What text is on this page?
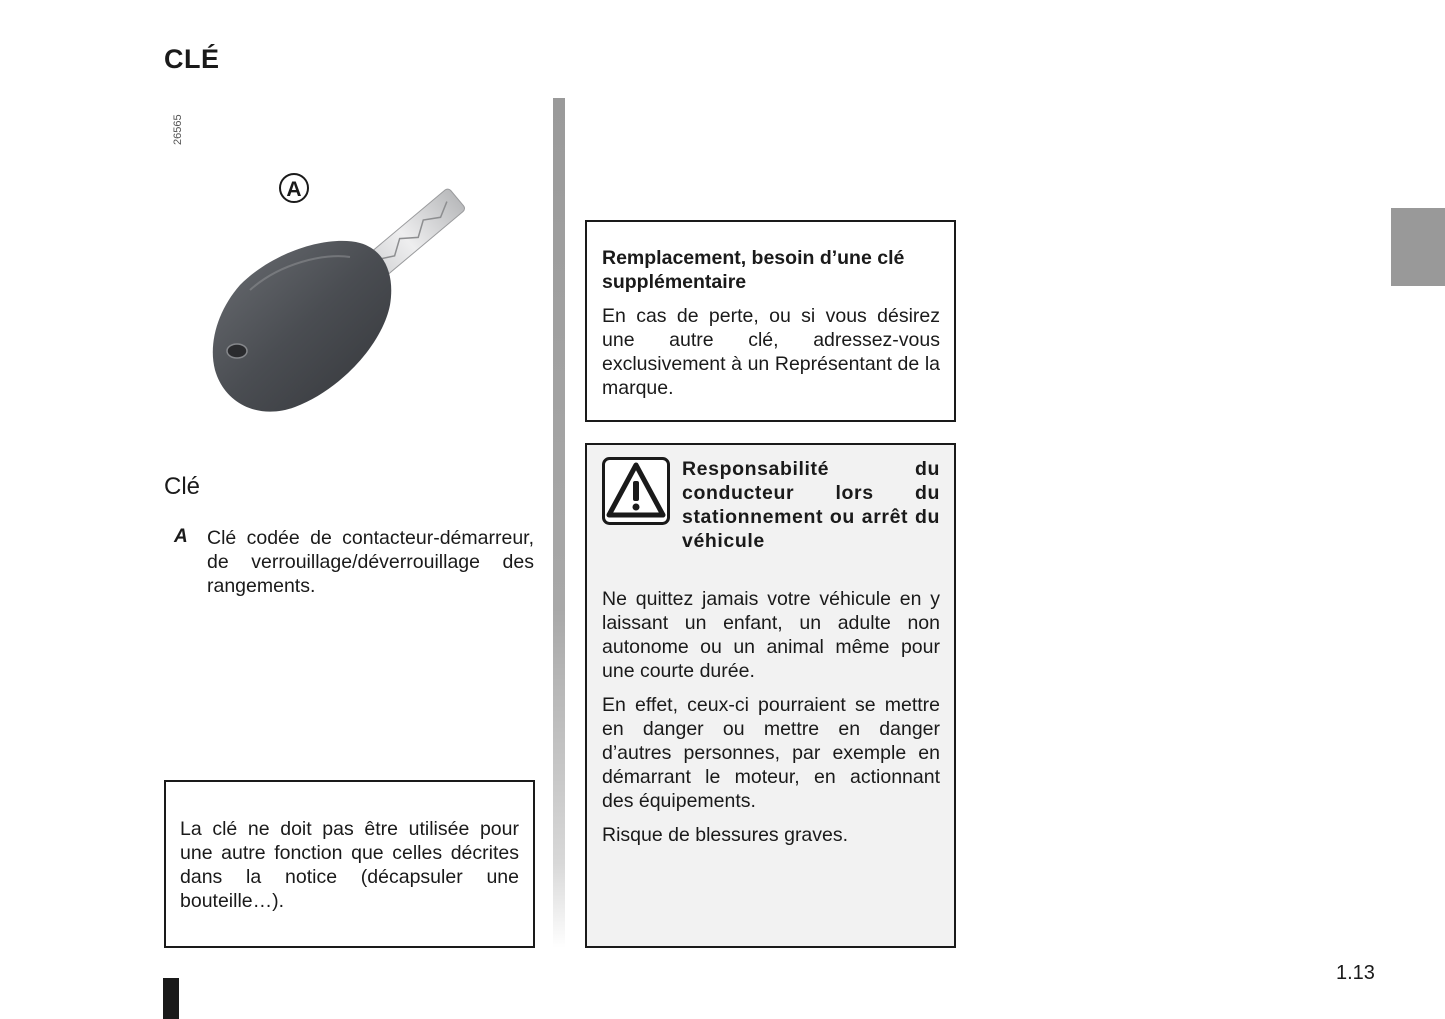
CLÉ
26565
A
Clé
A Clé codée de contacteur-démarreur, de verrouillage/déverrouillage des rangements.

La clé ne doit pas être utilisée pour une autre fonction que celles décrites dans la notice (décapsuler une bouteille…).

Remplacement, besoin d’une clé supplémentaire

En cas de perte, ou si vous désirez une autre clé, adressez-vous exclusivement à un Représentant de la marque.

Responsabilité du conducteur lors du stationnement ou arrêt du véhicule

Ne quittez jamais votre véhicule en y laissant un enfant, un adulte non autonome ou un animal même pour une courte durée.

En effet, ceux-ci pourraient se mettre en danger ou mettre en danger d’autres personnes, par exemple en démarrant le moteur, en actionnant des équipements.

Risque de blessures graves.

1.13
